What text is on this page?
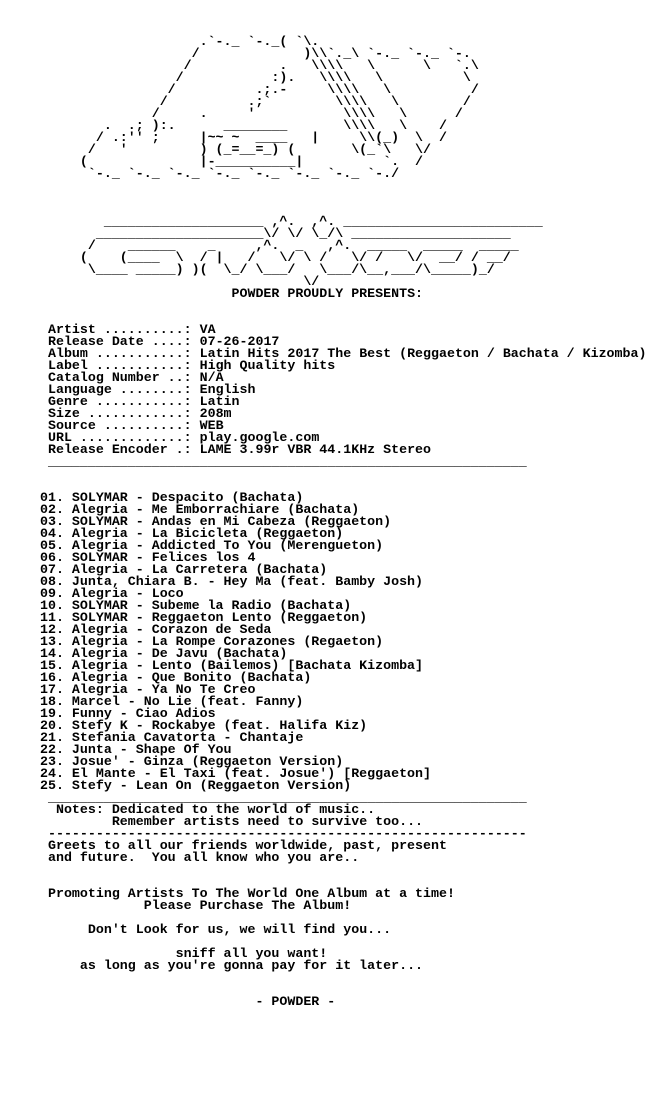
.`-._ `-._( `\.
/             )\\`._\ `-._ `-._ `-.
/           .   \\\\   \      \   `.\
/           :).   \\\\   \          \
/          .;.-     \\\\   \          /
/          .;`        \\\\   \        /
/     .     '           \\\\   \      /
.  .; ):.      ________       \\\\   \    /
/ .:'' ;     |~~ ~  ____   |     \\(_)  \  /
/   '         ) (_=__=_) (       \(_`\   \/
(              |-__________|          `.  /
`-._ `-._ `-._ `-._ `-._ `-._ `-._ `-./
____________________ ,^.  ,^. _________________________
_____________________\/ \/ \_/\ ____________________
/    ______    _     ,^.  _   ,^.  _____  _____  _____
(    (____  \  / |   /   \/ \ /   \/ /   \/  __/ / __/
\____ _____) )(  \_/ \___/   \___/\__,___/\_____)_/
\/
POWDER PROUDLY PRESENTS:
Artist ..........: VA
Release Date ....: 07-26-2017
Album ...........: Latin Hits 2017 The Best (Reggaeton / Bachata / Kizomba)
Label ...........: High Quality hits
Catalog Number ..: N/A
Language ........: English
Genre ...........: Latin
Size ............: 208m
Source ..........: WEB
URL .............: play.google.com
Release Encoder .: LAME 3.99r VBR 44.1KHz Stereo
____________________________________________________________
01. SOLYMAR - Despacito (Bachata)
02. Alegria - Me Emborrachiare (Bachata)
03. SOLYMAR - Andas en Mi Cabeza (Reggaeton)
04. Alegria - La Bicicleta (Reggaeton)
05. Alegria - Addicted To You (Merengueton)
06. SOLYMAR - Felices los 4
07. Alegria - La Carretera (Bachata)
08. Junta, Chiara B. - Hey Ma (feat. Bamby Josh)
09. Alegria - Loco
10. SOLYMAR - Subeme la Radio (Bachata)
11. SOLYMAR - Reggaeton Lento (Reggaeton)
12. Alegria - Corazon de Seda
13. Alegria - La Rompe Corazones (Regaeton)
14. Alegria - De Javu (Bachata)
15. Alegria - Lento (Bailemos) [Bachata Kizomba]
16. Alegria - Que Bonito (Bachata)
17. Alegria - Ya No Te Creo
18. Marcel - No Lie (feat. Fanny)
19. Funny - Ciao Adios
20. Stefy K - Rockabye (feat. Halifa Kiz)
21. Stefania Cavatorta - Chantaje
22. Junta - Shape Of You
23. Josue' - Ginza (Reggaeton Version)
24. El Mante - El Taxi (feat. Josue') [Reggaeton]
25. Stefy - Lean On (Reggaeton Version)
____________________________________________________________
Notes: Dedicated to the world of music..
Remember artists need to survive too...
------------------------------------------------------------
Greets to all our friends worldwide, past, present
and future.  You all know who you are..
Promoting Artists To The World One Album at a time!
Please Purchase The Album!
Don't Look for us, we will find you...
sniff all you want!
as long as you're gonna pay for it later...
- POWDER -
